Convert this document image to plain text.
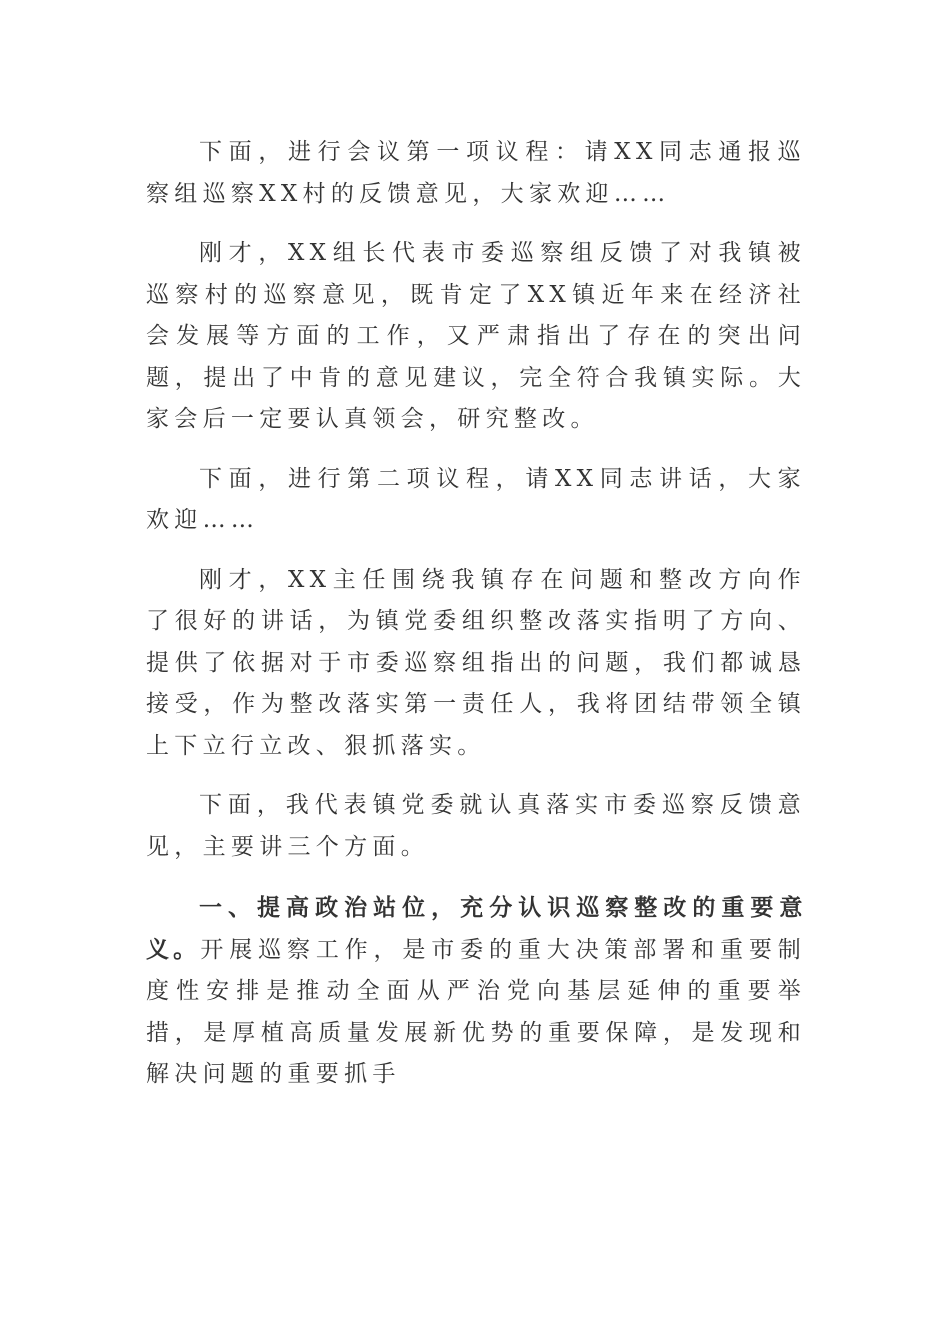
下面，进行会议第一项议程：请XX同志通报巡察组巡察XX村的反馈意见，大家欢迎……

刚才，XX组长代表市委巡察组反馈了对我镇被巡察村的巡察意见，既肯定了XX镇近年来在经济社会发展等方面的工作，又严肃指出了存在的突出问题，提出了中肯的意见建议，完全符合我镇实际。大家会后一定要认真领会，研究整改。

下面，进行第二项议程，请XX同志讲话，大家欢迎……

刚才，XX主任围绕我镇存在问题和整改方向作了很好的讲话，为镇党委组织整改落实指明了方向、提供了依据对于市委巡察组指出的问题，我们都诚恳接受，作为整改落实第一责任人，我将团结带领全镇上下立行立改、狠抓落实。

下面，我代表镇党委就认真落实市委巡察反馈意见，主要讲三个方面。

一、提高政治站位，充分认识巡察整改的重要意义。开展巡察工作，是市委的重大决策部署和重要制度性安排是推动全面从严治党向基层延伸的重要举措，是厚植高质量发展新优势的重要保障，是发现和解决问题的重要抓手
